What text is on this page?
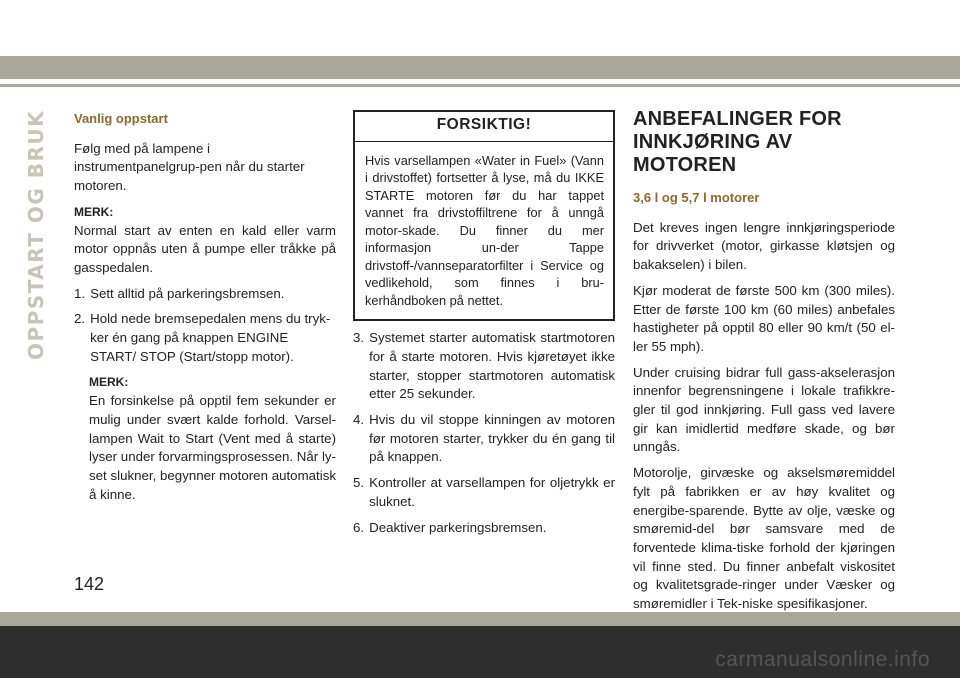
OPPSTART OG BRUK Vanlig oppstart

Følg med på lampene i instrumentpanelgrup-pen når du starter motoren.

MERK:

Normal start av enten en kald eller varm motor oppnås uten å pumpe eller tråkke på gasspedalen.

1. Sett alltid på parkeringsbremsen.
2. Hold nede bremsepedalen mens du tryk-ker én gang på knappen ENGINE START/ STOP (Start/stopp motor).

MERK:

En forsinkelse på opptil fem sekunder er mulig under svært kalde forhold. Varsel-lampen Wait to Start (Vent med å starte) lyser under forvarmingsprosessen. Når ly-set slukner, begynner motoren automatisk å kinne.

FORSIKTIG!
Hvis varsellampen «Water in Fuel» (Vann i drivstoffet) fortsetter å lyse, må du IKKE STARTE motoren før du har tappet vannet fra drivstoffiltrene for å unngå motor-skade. Du finner du mer informasjon un-der Tappe drivstoff-/vannseparatorfilter i Service og vedlikehold, som finnes i bru-kerhåndboken på nettet.
3. Systemet starter automatisk startmotoren for å starte motoren. Hvis kjøretøyet ikke starter, stopper startmotoren automatisk etter 25 sekunder.
4. Hvis du vil stoppe kinningen av motoren før motoren starter, trykker du én gang til på knappen.
5. Kontroller at varsellampen for oljetrykk er sluknet.
6. Deaktiver parkeringsbremsen.
ANBEFALINGER FOR INNKJØRING AV MOTOREN

3,6 l og 5,7 l motorer

Det kreves ingen lengre innkjøringsperiode for drivverket (motor, girkasse kløtsjen og bakakselen) i bilen.

Kjør moderat de første 500 km (300 miles). Etter de første 100 km (60 miles) anbefales hastigheter på opptil 80 eller 90 km/t (50 el-ler 55 mph).

Under cruising bidrar full gass-akselerasjon innenfor begrensningene i lokale trafikkre-gler til god innkjøring. Full gass ved lavere gir kan imidlertid medføre skade, og bør unngås.

Motorolje, girvæske og akselsmøremiddel fylt på fabrikken er av høy kvalitet og energibe-sparende. Bytte av olje, væske og smøremid-del bør samsvare med de forventede klima-tiske forhold der kjøringen vil finne sted. Du finner anbefalt viskositet og kvalitetsgrade-ringer under Væsker og smøremidler i Tek-niske spesifikasjoner.

142
carmanualsonline.info
